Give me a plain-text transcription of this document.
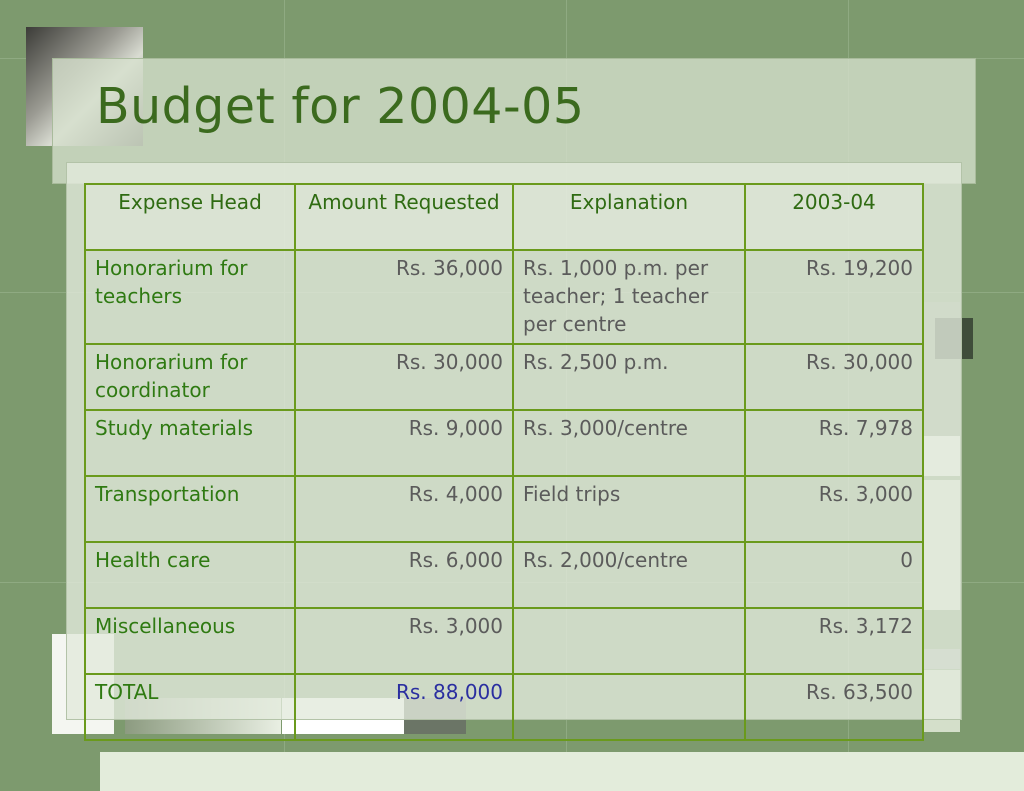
Budget for 2004-05
Expense Head	Amount Requested	Explanation	2003-04
Honorarium for teachers	Rs. 36,000	Rs. 1,000 p.m. per teacher; 1 teacher per centre	Rs. 19,200
Honorarium for coordinator	Rs. 30,000	Rs. 2,500 p.m.	Rs. 30,000
Study materials	Rs. 9,000	Rs. 3,000/centre	Rs. 7,978
Transportation	Rs. 4,000	Field trips	Rs. 3,000
Health care	Rs. 6,000	Rs. 2,000/centre	0
Miscellaneous	Rs. 3,000		Rs. 3,172
TOTAL	Rs. 88,000		Rs. 63,500
